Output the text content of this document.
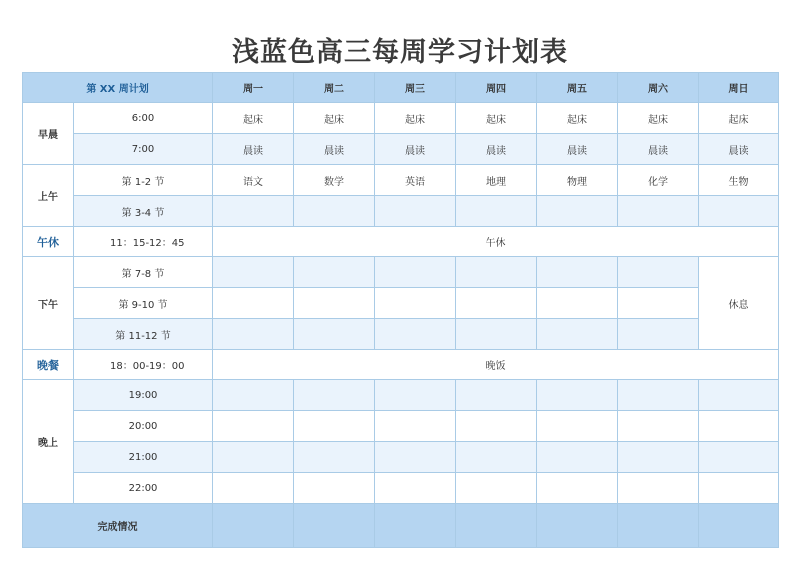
浅蓝色高三每周学习计划表
第 XX 周计划		周一	周二	周三	周四	周五	周六	周日
早晨	6:00	起床	起床	起床	起床	起床	起床	起床
	7:00	晨读	晨读	晨读	晨读	晨读	晨读	晨读
上午	第 1-2 节	语文	数学	英语	地理	物理	化学	生物
	第 3-4 节							
午休	11：15-12：45	午休						
下午	第 7-8 节							休息
	第 9-10 节							
	第 11-12 节							
晚餐	18：00-19：00	晚饭						
晚上	19:00							
	20:00							
	21:00							
	22:00							
完成情况								
